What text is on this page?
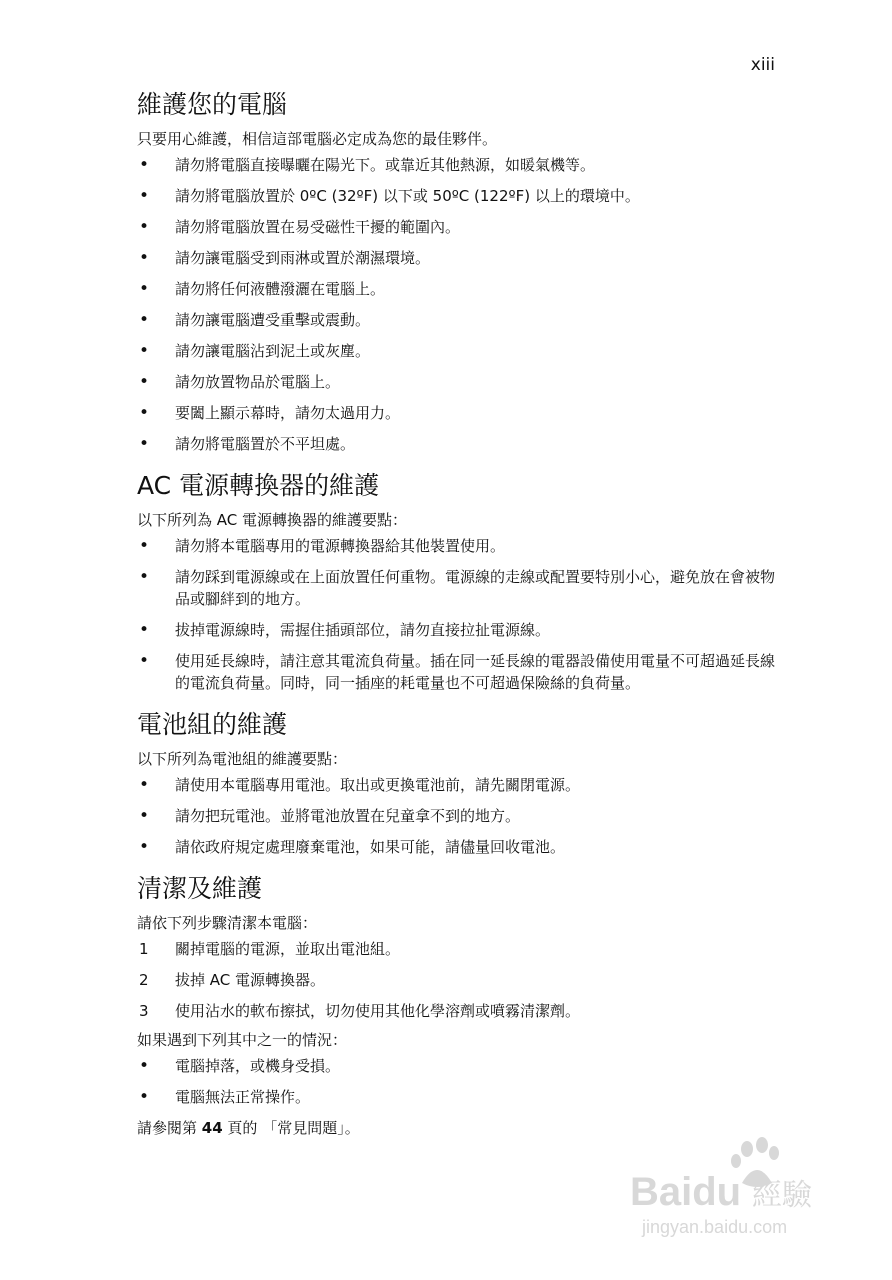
xiii
維護您的電腦
只要用心維護，相信這部電腦必定成為您的最佳夥伴。
• 請勿將電腦直接曝曬在陽光下。或靠近其他熱源，如暖氣機等。
• 請勿將電腦放置於 0ºC (32ºF) 以下或 50ºC (122ºF) 以上的環境中。
• 請勿將電腦放置在易受磁性干擾的範圍內。
• 請勿讓電腦受到雨淋或置於潮濕環境。
• 請勿將任何液體潑灑在電腦上。
• 請勿讓電腦遭受重擊或震動。
• 請勿讓電腦沾到泥土或灰塵。
• 請勿放置物品於電腦上。
• 要闔上顯示幕時，請勿太過用力。
• 請勿將電腦置於不平坦處。
AC 電源轉換器的維護
以下所列為 AC 電源轉換器的維護要點：
• 請勿將本電腦專用的電源轉換器給其他裝置使用。
• 請勿踩到電源線或在上面放置任何重物。電源線的走線或配置要特別小心，避免放在會被物品或腳絆到的地方。
• 拔掉電源線時，需握住插頭部位，請勿直接拉扯電源線。
• 使用延長線時，請注意其電流負荷量。插在同一延長線的電器設備使用電量不可超過延長線的電流負荷量。同時，同一插座的耗電量也不可超過保險絲的負荷量。
電池組的維護
以下所列為電池組的維護要點：
• 請使用本電腦專用電池。取出或更換電池前，請先關閉電源。
• 請勿把玩電池。並將電池放置在兒童拿不到的地方。
• 請依政府規定處理廢棄電池，如果可能，請儘量回收電池。
清潔及維護
請依下列步驟清潔本電腦：
1 關掉電腦的電源，並取出電池組。
2 拔掉 AC 電源轉換器。
3 使用沾水的軟布擦拭，切勿使用其他化學溶劑或噴霧清潔劑。
如果遇到下列其中之一的情況：
• 電腦掉落，或機身受損。
• 電腦無法正常操作。
請參閱第 44 頁的 「常見問題」。
Baidu 經驗
jingyan.baidu.com
